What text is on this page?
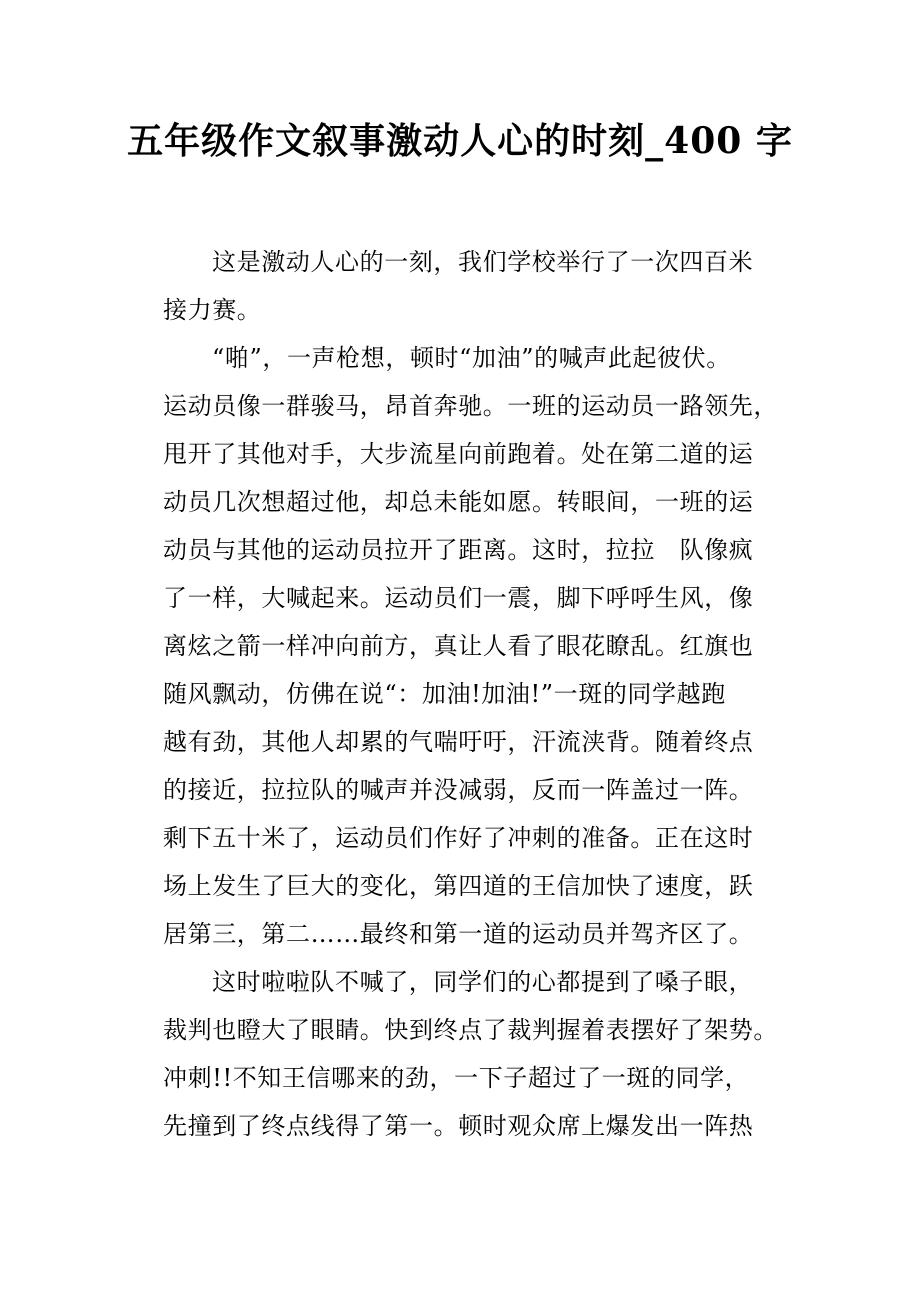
五年级作文叙事激动人心的时刻_400 字
这是激动人心的一刻，我们学校举行了一次四百米
接力赛。
“啪”，一声枪想，顿时“加油”的喊声此起彼伏。
运动员像一群骏马，昂首奔驰。一班的运动员一路领先，
甩开了其他对手，大步流星向前跑着。处在第二道的运
动员几次想超过他，却总未能如愿。转眼间，一班的运
动员与其他的运动员拉开了距离。这时，拉拉　队像疯
了一样，大喊起来。运动员们一震，脚下呼呼生风，像
离炫之箭一样冲向前方，真让人看了眼花瞭乱。红旗也
随风飘动，仿佛在说“：加油!加油!”一斑的同学越跑
越有劲，其他人却累的气喘吁吁，汗流浃背。随着终点
的接近，拉拉队的喊声并没减弱，反而一阵盖过一阵。
剩下五十米了，运动员们作好了冲刺的准备。正在这时
场上发生了巨大的变化，第四道的王信加快了速度，跃
居第三，第二……最终和第一道的运动员并驾齐区了。
这时啦啦队不喊了，同学们的心都提到了嗓子眼，
裁判也瞪大了眼睛。快到终点了裁判握着表摆好了架势。
冲刺!!不知王信哪来的劲，一下子超过了一斑的同学，
先撞到了终点线得了第一。顿时观众席上爆发出一阵热
